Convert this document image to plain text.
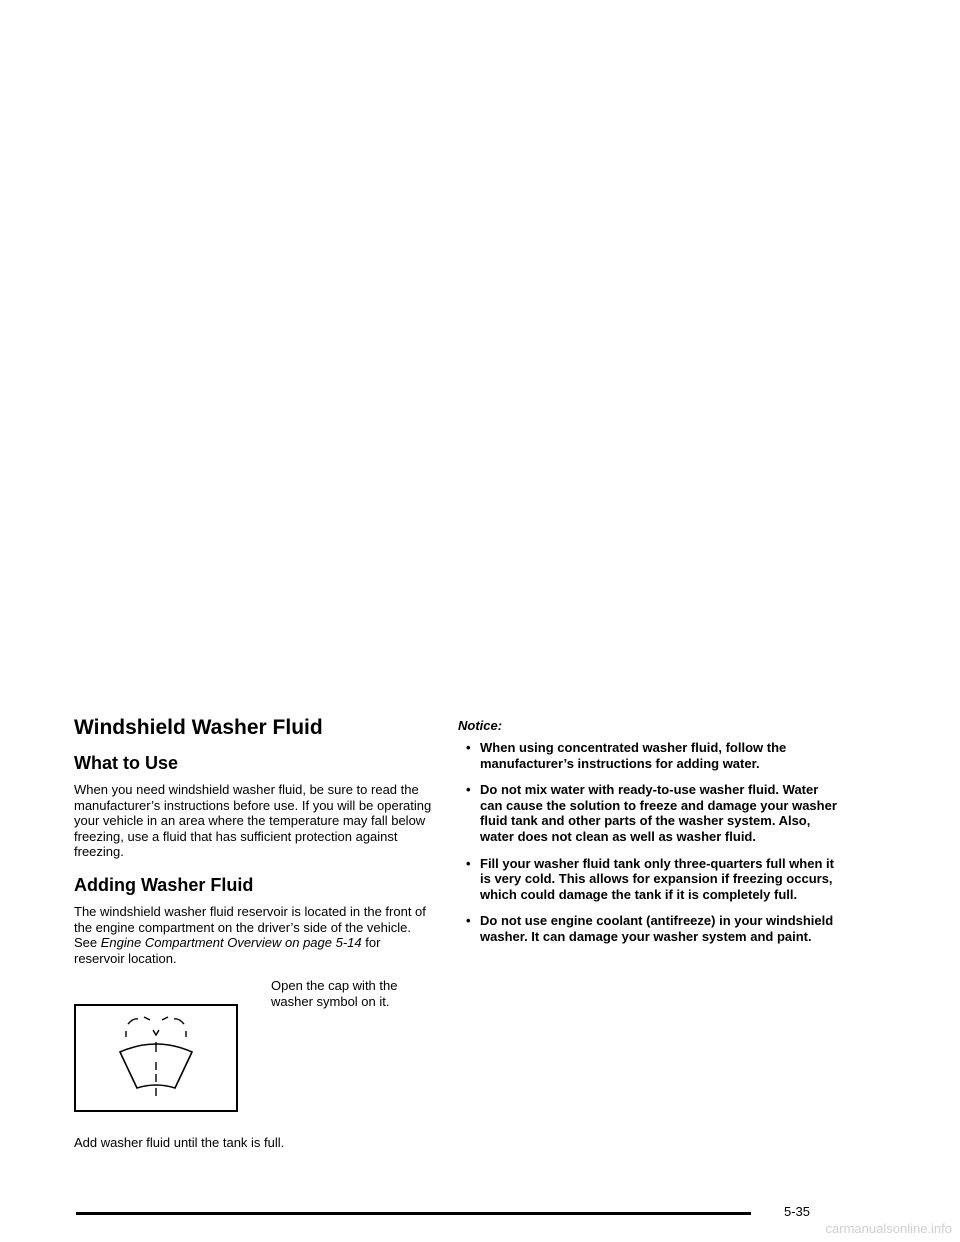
Windshield Washer Fluid
What to Use

When you need windshield washer fluid, be sure to read the manufacturer’s instructions before use. If you will be operating your vehicle in an area where the temperature may fall below freezing, use a fluid that has sufficient protection against freezing.

Adding Washer Fluid

The windshield washer fluid reservoir is located in the front of the engine compartment on the driver’s side of the vehicle. See Engine Compartment Overview on page 5-14 for reservoir location.

Open the cap with the washer symbol on it.

Add washer fluid until the tank is full.

Notice:
• When using concentrated washer fluid, follow the manufacturer’s instructions for adding water.
• Do not mix water with ready-to-use washer fluid. Water can cause the solution to freeze and damage your washer fluid tank and other parts of the washer system. Also, water does not clean as well as washer fluid.
• Fill your washer fluid tank only three-quarters full when it is very cold. This allows for expansion if freezing occurs, which could damage the tank if it is completely full.
• Do not use engine coolant (antifreeze) in your windshield washer. It can damage your washer system and paint.
5-35
carmanualsonline.info
